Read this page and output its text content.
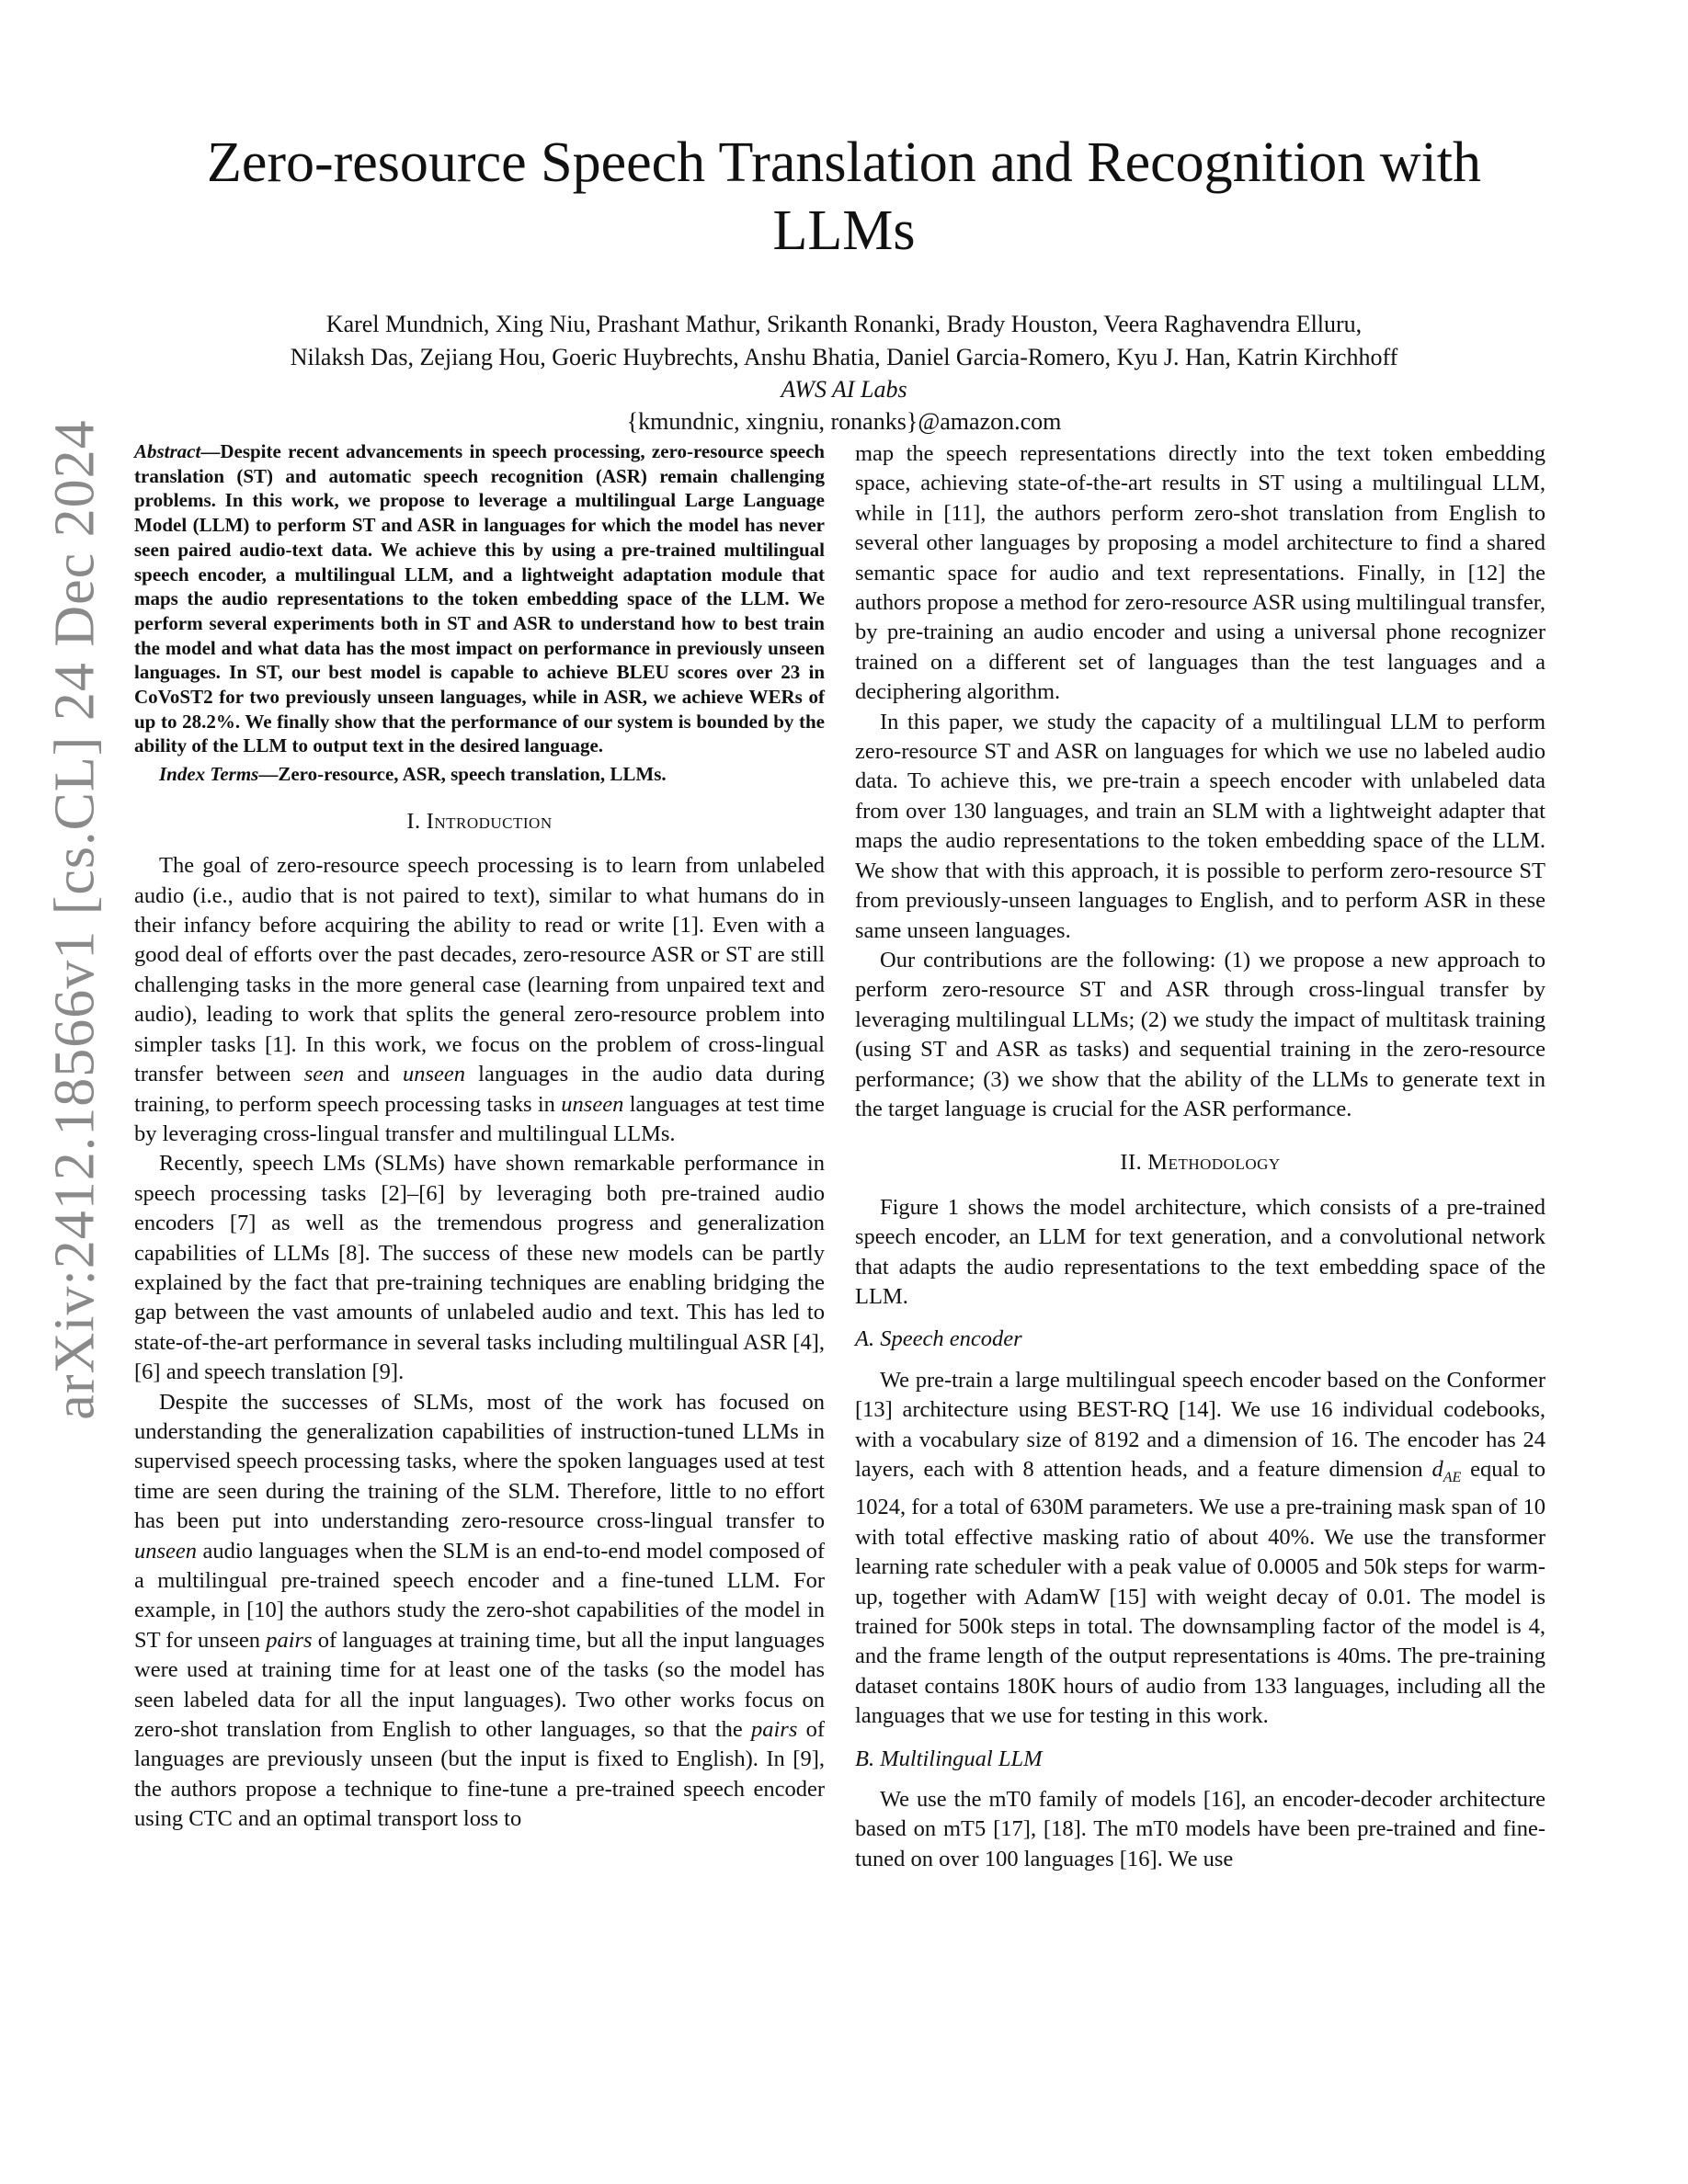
arXiv:2412.18566v1 [cs.CL] 24 Dec 2024
Zero-resource Speech Translation and Recognition with LLMs
Karel Mundnich, Xing Niu, Prashant Mathur, Srikanth Ronanki, Brady Houston, Veera Raghavendra Elluru,
Nilaksh Das, Zejiang Hou, Goeric Huybrechts, Anshu Bhatia, Daniel Garcia-Romero, Kyu J. Han, Katrin Kirchhoff
AWS AI Labs
{kmundnic, xingniu, ronanks}@amazon.com
Abstract—Despite recent advancements in speech processing, zero-resource speech translation (ST) and automatic speech recognition (ASR) remain challenging problems. In this work, we propose to leverage a multilingual Large Language Model (LLM) to perform ST and ASR in languages for which the model has never seen paired audio-text data. We achieve this by using a pre-trained multilingual speech encoder, a multilingual LLM, and a lightweight adaptation module that maps the audio representations to the token embedding space of the LLM. We perform several experiments both in ST and ASR to understand how to best train the model and what data has the most impact on performance in previously unseen languages. In ST, our best model is capable to achieve BLEU scores over 23 in CoVoST2 for two previously unseen languages, while in ASR, we achieve WERs of up to 28.2%. We finally show that the performance of our system is bounded by the ability of the LLM to output text in the desired language.
Index Terms—Zero-resource, ASR, speech translation, LLMs.
I. Introduction

The goal of zero-resource speech processing is to learn from unlabeled audio (i.e., audio that is not paired to text), similar to what humans do in their infancy before acquiring the ability to read or write [1]. Even with a good deal of efforts over the past decades, zero-resource ASR or ST are still challenging tasks in the more general case (learning from unpaired text and audio), leading to work that splits the general zero-resource problem into simpler tasks [1]. In this work, we focus on the problem of cross-lingual transfer between seen and unseen languages in the audio data during training, to perform speech processing tasks in unseen languages at test time by leveraging cross-lingual transfer and multilingual LLMs.

Recently, speech LMs (SLMs) have shown remarkable performance in speech processing tasks [2]–[6] by leveraging both pre-trained audio encoders [7] as well as the tremendous progress and generalization capabilities of LLMs [8]. The success of these new models can be partly explained by the fact that pre-training techniques are enabling bridging the gap between the vast amounts of unlabeled audio and text. This has led to state-of-the-art performance in several tasks including multilingual ASR [4], [6] and speech translation [9].

Despite the successes of SLMs, most of the work has focused on understanding the generalization capabilities of instruction-tuned LLMs in supervised speech processing tasks, where the spoken languages used at test time are seen during the training of the SLM. Therefore, little to no effort has been put into understanding zero-resource cross-lingual transfer to unseen audio languages when the SLM is an end-to-end model composed of a multilingual pre-trained speech encoder and a fine-tuned LLM. For example, in [10] the authors study the zero-shot capabilities of the model in ST for unseen pairs of languages at training time, but all the input languages were used at training time for at least one of the tasks (so the model has seen labeled data for all the input languages). Two other works focus on zero-shot translation from English to other languages, so that the pairs of languages are previously unseen (but the input is fixed to English). In [9], the authors propose a technique to fine-tune a pre-trained speech encoder using CTC and an optimal transport loss to

map the speech representations directly into the text token embedding space, achieving state-of-the-art results in ST using a multilingual LLM, while in [11], the authors perform zero-shot translation from English to several other languages by proposing a model architecture to find a shared semantic space for audio and text representations. Finally, in [12] the authors propose a method for zero-resource ASR using multilingual transfer, by pre-training an audio encoder and using a universal phone recognizer trained on a different set of languages than the test languages and a deciphering algorithm.

In this paper, we study the capacity of a multilingual LLM to perform zero-resource ST and ASR on languages for which we use no labeled audio data. To achieve this, we pre-train a speech encoder with unlabeled data from over 130 languages, and train an SLM with a lightweight adapter that maps the audio representations to the token embedding space of the LLM. We show that with this approach, it is possible to perform zero-resource ST from previously-unseen languages to English, and to perform ASR in these same unseen languages.

Our contributions are the following: (1) we propose a new approach to perform zero-resource ST and ASR through cross-lingual transfer by leveraging multilingual LLMs; (2) we study the impact of multitask training (using ST and ASR as tasks) and sequential training in the zero-resource performance; (3) we show that the ability of the LLMs to generate text in the target language is crucial for the ASR performance.

II. Methodology

Figure 1 shows the model architecture, which consists of a pre-trained speech encoder, an LLM for text generation, and a convolutional network that adapts the audio representations to the text embedding space of the LLM.

A. Speech encoder

We pre-train a large multilingual speech encoder based on the Conformer [13] architecture using BEST-RQ [14]. We use 16 individual codebooks, with a vocabulary size of 8192 and a dimension of 16. The encoder has 24 layers, each with 8 attention heads, and a feature dimension $d_{AE}$ equal to 1024, for a total of 630M parameters. We use a pre-training mask span of 10 with total effective masking ratio of about 40%. We use the transformer learning rate scheduler with a peak value of 0.0005 and 50k steps for warm-up, together with AdamW [15] with weight decay of 0.01. The model is trained for 500k steps in total. The downsampling factor of the model is 4, and the frame length of the output representations is 40ms. The pre-training dataset contains 180K hours of audio from 133 languages, including all the languages that we use for testing in this work.

B. Multilingual LLM

We use the mT0 family of models [16], an encoder-decoder architecture based on mT5 [17], [18]. The mT0 models have been pre-trained and fine-tuned on over 100 languages [16]. We use
